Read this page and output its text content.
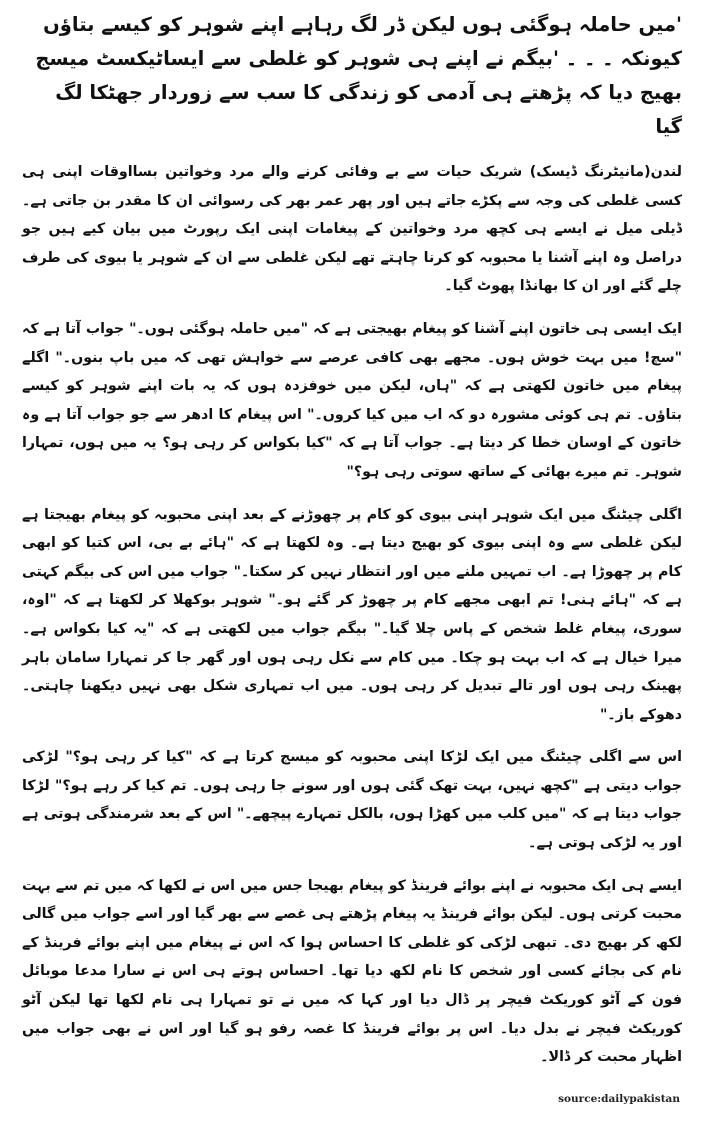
'میں حاملہ ہوگئی ہوں لیکن ڈر لگ رہاہے اپنے شوہر کو کیسے بتاؤں کیونکہ ۔ ۔ ۔ 'بیگم نے اپنے ہی شوہر کو غلطی سے ایساٹیکسٹ میسج بھیج دیا کہ پڑھتے ہی آدمی کو زندگی کا سب سے زوردار جھٹکا لگ گیا

لندن(مانیٹرنگ ڈیسک) شریک حیات سے بے وفائی کرنے والے مرد وخواتین بسااوقات اپنی ہی کسی غلطی کی وجہ سے پکڑے جاتے ہیں اور پھر عمر بھر کی رسوائی ان کا مقدر بن جاتی ہے۔ ڈیلی میل نے ایسے ہی کچھ مرد وخواتین کے پیغامات اپنی ایک رپورٹ میں بیان کیے ہیں جو دراصل وہ اپنے آشنا یا محبوبہ کو کرنا چاہتے تھے لیکن غلطی سے ان کے شوہر یا بیوی کی طرف چلے گئے اور ان کا بھانڈا پھوٹ گیا۔

ایک ایسی ہی خاتون اپنے آشنا کو پیغام بھیجتی ہے کہ "میں حاملہ ہوگئی ہوں۔" جواب آتا ہے کہ "سچ! میں بہت خوش ہوں۔ مجھے بھی کافی عرصے سے خواہش تھی کہ میں باپ بنوں۔" اگلے پیغام میں خاتون لکھتی ہے کہ "ہاں، لیکن میں خوفزدہ ہوں کہ یہ بات اپنے شوہر کو کیسے بتاؤں۔ تم ہی کوئی مشورہ دو کہ اب میں کیا کروں۔" اس پیغام کا ادھر سے جو جواب آتا ہے وہ خاتون کے اوسان خطا کر دیتا ہے۔ جواب آتا ہے کہ "کیا بکواس کر رہی ہو؟ یہ میں ہوں، تمہارا شوہر۔ تم میرے بھائی کے ساتھ سوتی رہی ہو؟"

اگلی چیٹنگ میں ایک شوہر اپنی بیوی کو کام پر چھوڑنے کے بعد اپنی محبوبہ کو پیغام بھیجتا ہے لیکن غلطی سے وہ اپنی بیوی کو بھیج دیتا ہے۔ وہ لکھتا ہے کہ "ہائے بے بی، اس کتیا کو ابھی کام پر چھوڑا ہے۔ اب تمہیں ملنے میں اور انتظار نہیں کر سکتا۔" جواب میں اس کی بیگم کہتی ہے کہ "ہائے ہنی! تم ابھی مجھے کام پر چھوڑ کر گئے ہو۔" شوہر بوکھلا کر لکھتا ہے کہ "اوہ، سوری، پیغام غلط شخص کے پاس چلا گیا۔" بیگم جواب میں لکھتی ہے کہ "یہ کیا بکواس ہے۔ میرا خیال ہے کہ اب بہت ہو چکا۔ میں کام سے نکل رہی ہوں اور گھر جا کر تمہارا سامان باہر پھینک رہی ہوں اور تالے تبدیل کر رہی ہوں۔ میں اب تمہاری شکل بھی نہیں دیکھنا چاہتی۔ دھوکے باز۔"

اس سے اگلی چیٹنگ میں ایک لڑکا اپنی محبوبہ کو میسج کرتا ہے کہ "کیا کر رہی ہو؟" لڑکی جواب دیتی ہے "کچھ نہیں، بہت تھک گئی ہوں اور سونے جا رہی ہوں۔ تم کیا کر رہے ہو؟" لڑکا جواب دیتا ہے کہ "میں کلب میں کھڑا ہوں، بالکل تمہارے پیچھے۔" اس کے بعد شرمندگی ہوتی ہے اور یہ لڑکی ہوتی ہے۔

ایسے ہی ایک محبوبہ نے اپنے بوائے فرینڈ کو پیغام بھیجا جس میں اس نے لکھا کہ میں تم سے بہت محبت کرتی ہوں۔ لیکن بوائے فرینڈ یہ پیغام پڑھتے ہی غصے سے بھر گیا اور اسے جواب میں گالی لکھ کر بھیج دی۔ تبھی لڑکی کو غلطی کا احساس ہوا کہ اس نے پیغام میں اپنے بوائے فرینڈ کے نام کی بجائے کسی اور شخص کا نام لکھ دیا تھا۔ احساس ہوتے ہی اس نے سارا مدعا موبائل فون کے آٹو کوریکٹ فیچر پر ڈال دیا اور کہا کہ میں نے تو تمہارا ہی نام لکھا تھا لیکن آٹو کوریکٹ فیچر نے بدل دیا۔ اس پر بوائے فرینڈ کا غصہ رفو ہو گیا اور اس نے بھی جواب میں اظہار محبت کر ڈالا۔

source:dailypakistan
